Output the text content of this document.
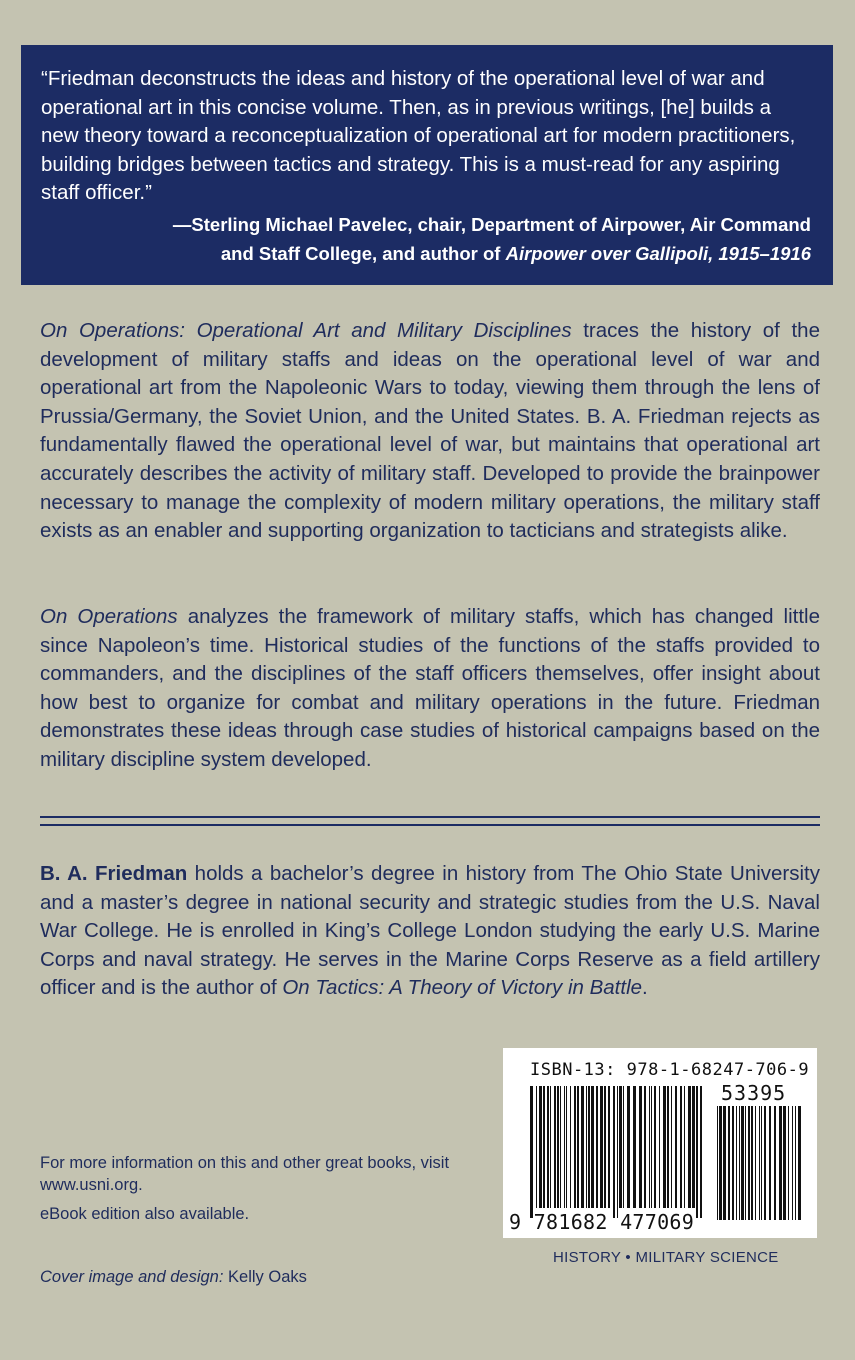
“Friedman deconstructs the ideas and history of the operational level of war and operational art in this concise volume. Then, as in previous writings, [he] builds a new theory toward a reconceptualization of operational art for modern practitioners, building bridges between tactics and strategy. This is a must-read for any aspiring staff officer.”

—Sterling Michael Pavelec, chair, Department of Airpower, Air Command
and Staff College, and author of Airpower over Gallipoli, 1915–1916

On Operations: Operational Art and Military Disciplines traces the history of the development of military staffs and ideas on the operational level of war and operational art from the Napoleonic Wars to today, viewing them through the lens of Prussia/Germany, the Soviet Union, and the United States. B. A. Friedman rejects as fundamentally flawed the operational level of war, but maintains that operational art accurately describes the activity of military staff. Developed to provide the brainpower necessary to manage the complexity of modern military operations, the military staff exists as an enabler and supporting organization to tacticians and strategists alike.

On Operations analyzes the framework of military staffs, which has changed little since Napoleon’s time. Historical studies of the functions of the staffs provided to commanders, and the disciplines of the staff officers themselves, offer insight about how best to organize for combat and military operations in the future. Friedman demonstrates these ideas through case studies of historical campaigns based on the military discipline system developed.

B. A. Friedman holds a bachelor’s degree in history from The Ohio State University and a master’s degree in national security and strategic studies from the U.S. Naval War College. He is enrolled in King’s College London studying the early U.S. Marine Corps and naval strategy. He serves in the Marine Corps Reserve as a field artillery officer and is the author of On Tactics: A Theory of Victory in Battle.

For more information on this and other great books, visit www.usni.org.

eBook edition also available.

Cover image and design: Kelly Oaks

ISBN-13: 978-1-68247-706-9
53395
9 781682 477069
HISTORY • MILITARY SCIENCE
